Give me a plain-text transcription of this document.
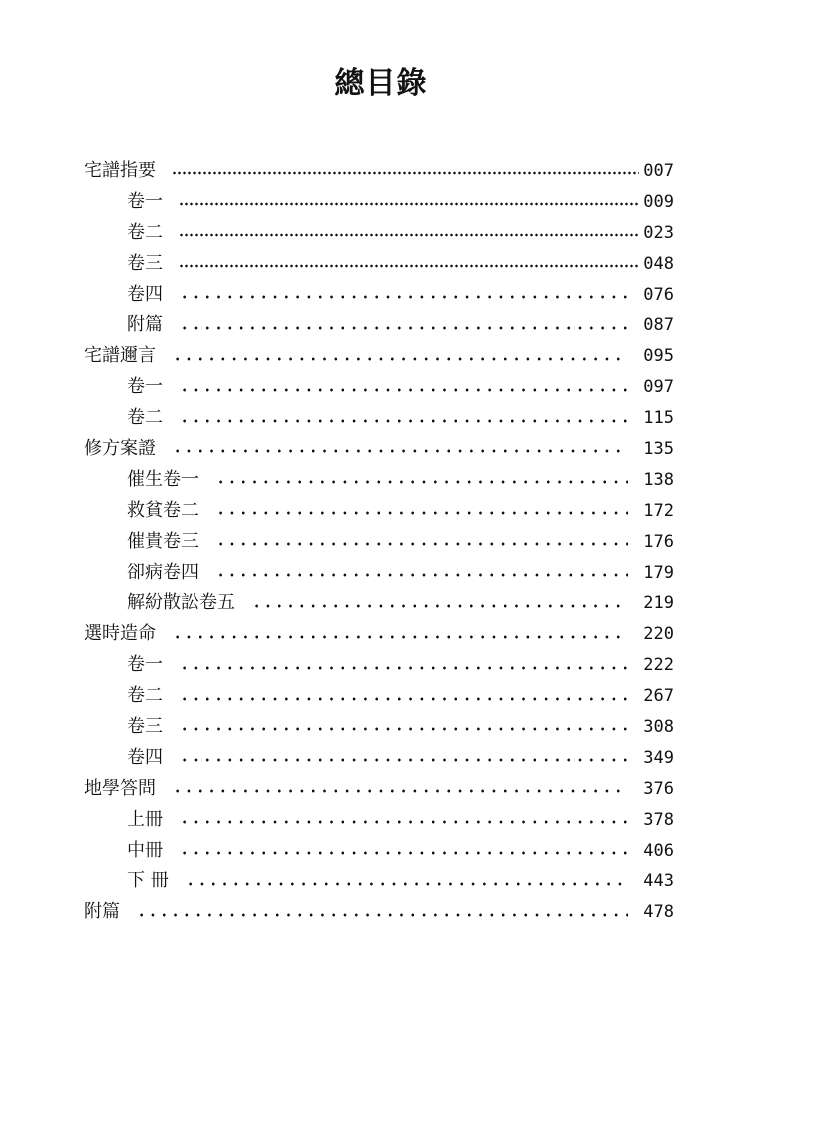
總目錄
宅譜指要	007
卷一	009
卷二	023
卷三	048
卷四	076
附篇	087
宅譜邇言	095
卷一	097
卷二	115
修方案證	135
催生卷一	138
救貧卷二	172
催貴卷三	176
卻病卷四	179
解紛散訟卷五	219
選時造命	220
卷一	222
卷二	267
卷三	308
卷四	349
地學答問	376
上冊	378
中冊	406
下 冊	443
附篇	478
